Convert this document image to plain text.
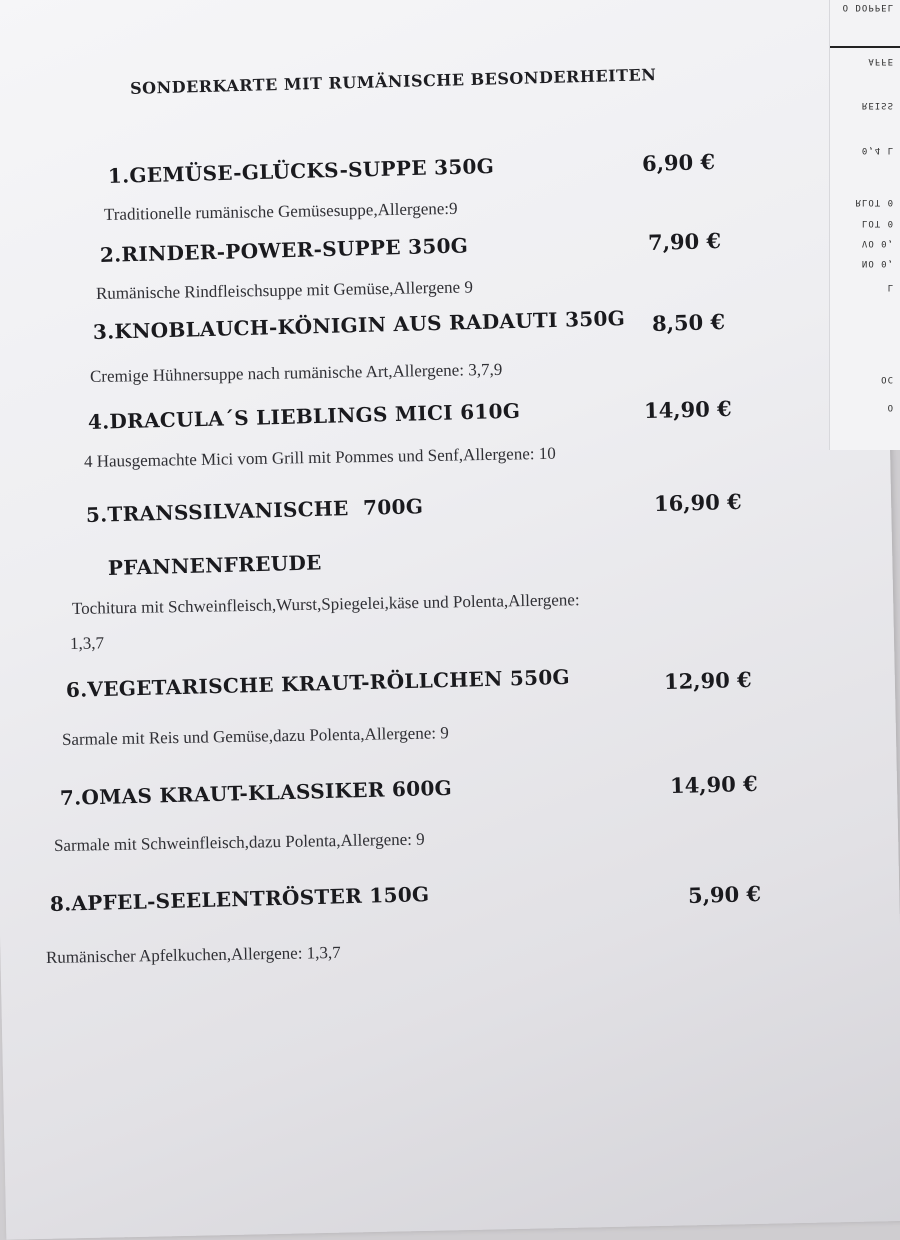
O DOPPEL
AFFE
REISS
0,4 L
RLOT 0
LOT 0
VO 0,
NO 0,
L
OC
O
SONDERKARTE MIT RUMÄNISCHE BESONDERHEITEN
1.GEMÜSE-GLÜCKS-SUPPE 350G	6,90 €
Traditionelle rumänische Gemüsesuppe,Allergene:9
2.RINDER-POWER-SUPPE 350G	7,90 €
Rumänische Rindfleischsuppe mit Gemüse,Allergene 9
3.KNOBLAUCH-KÖNIGIN AUS RADAUTI 350G 8,50 €
Cremige Hühnersuppe nach rumänische Art,Allergene: 3,7,9
4.DRACULA´S LIEBLINGS MICI 610G	14,90 €
4 Hausgemachte Mici vom Grill mit Pommes und Senf,Allergene: 10
5.TRANSSILVANISCHE  700G
PFANNENFREUDE
16,90 €
Tochitura mit Schweinfleisch,Wurst,Spiegelei,käse und Polenta,Allergene:
1,3,7
6.VEGETARISCHE KRAUT-RÖLLCHEN 550G	12,90 €
Sarmale mit Reis und Gemüse,dazu Polenta,Allergene: 9
7.OMAS KRAUT-KLASSIKER 600G	14,90 €
Sarmale mit Schweinfleisch,dazu Polenta,Allergene: 9
8.APFEL-SEELENTRÖSTER 150G	5,90 €
Rumänischer Apfelkuchen,Allergene: 1,3,7
